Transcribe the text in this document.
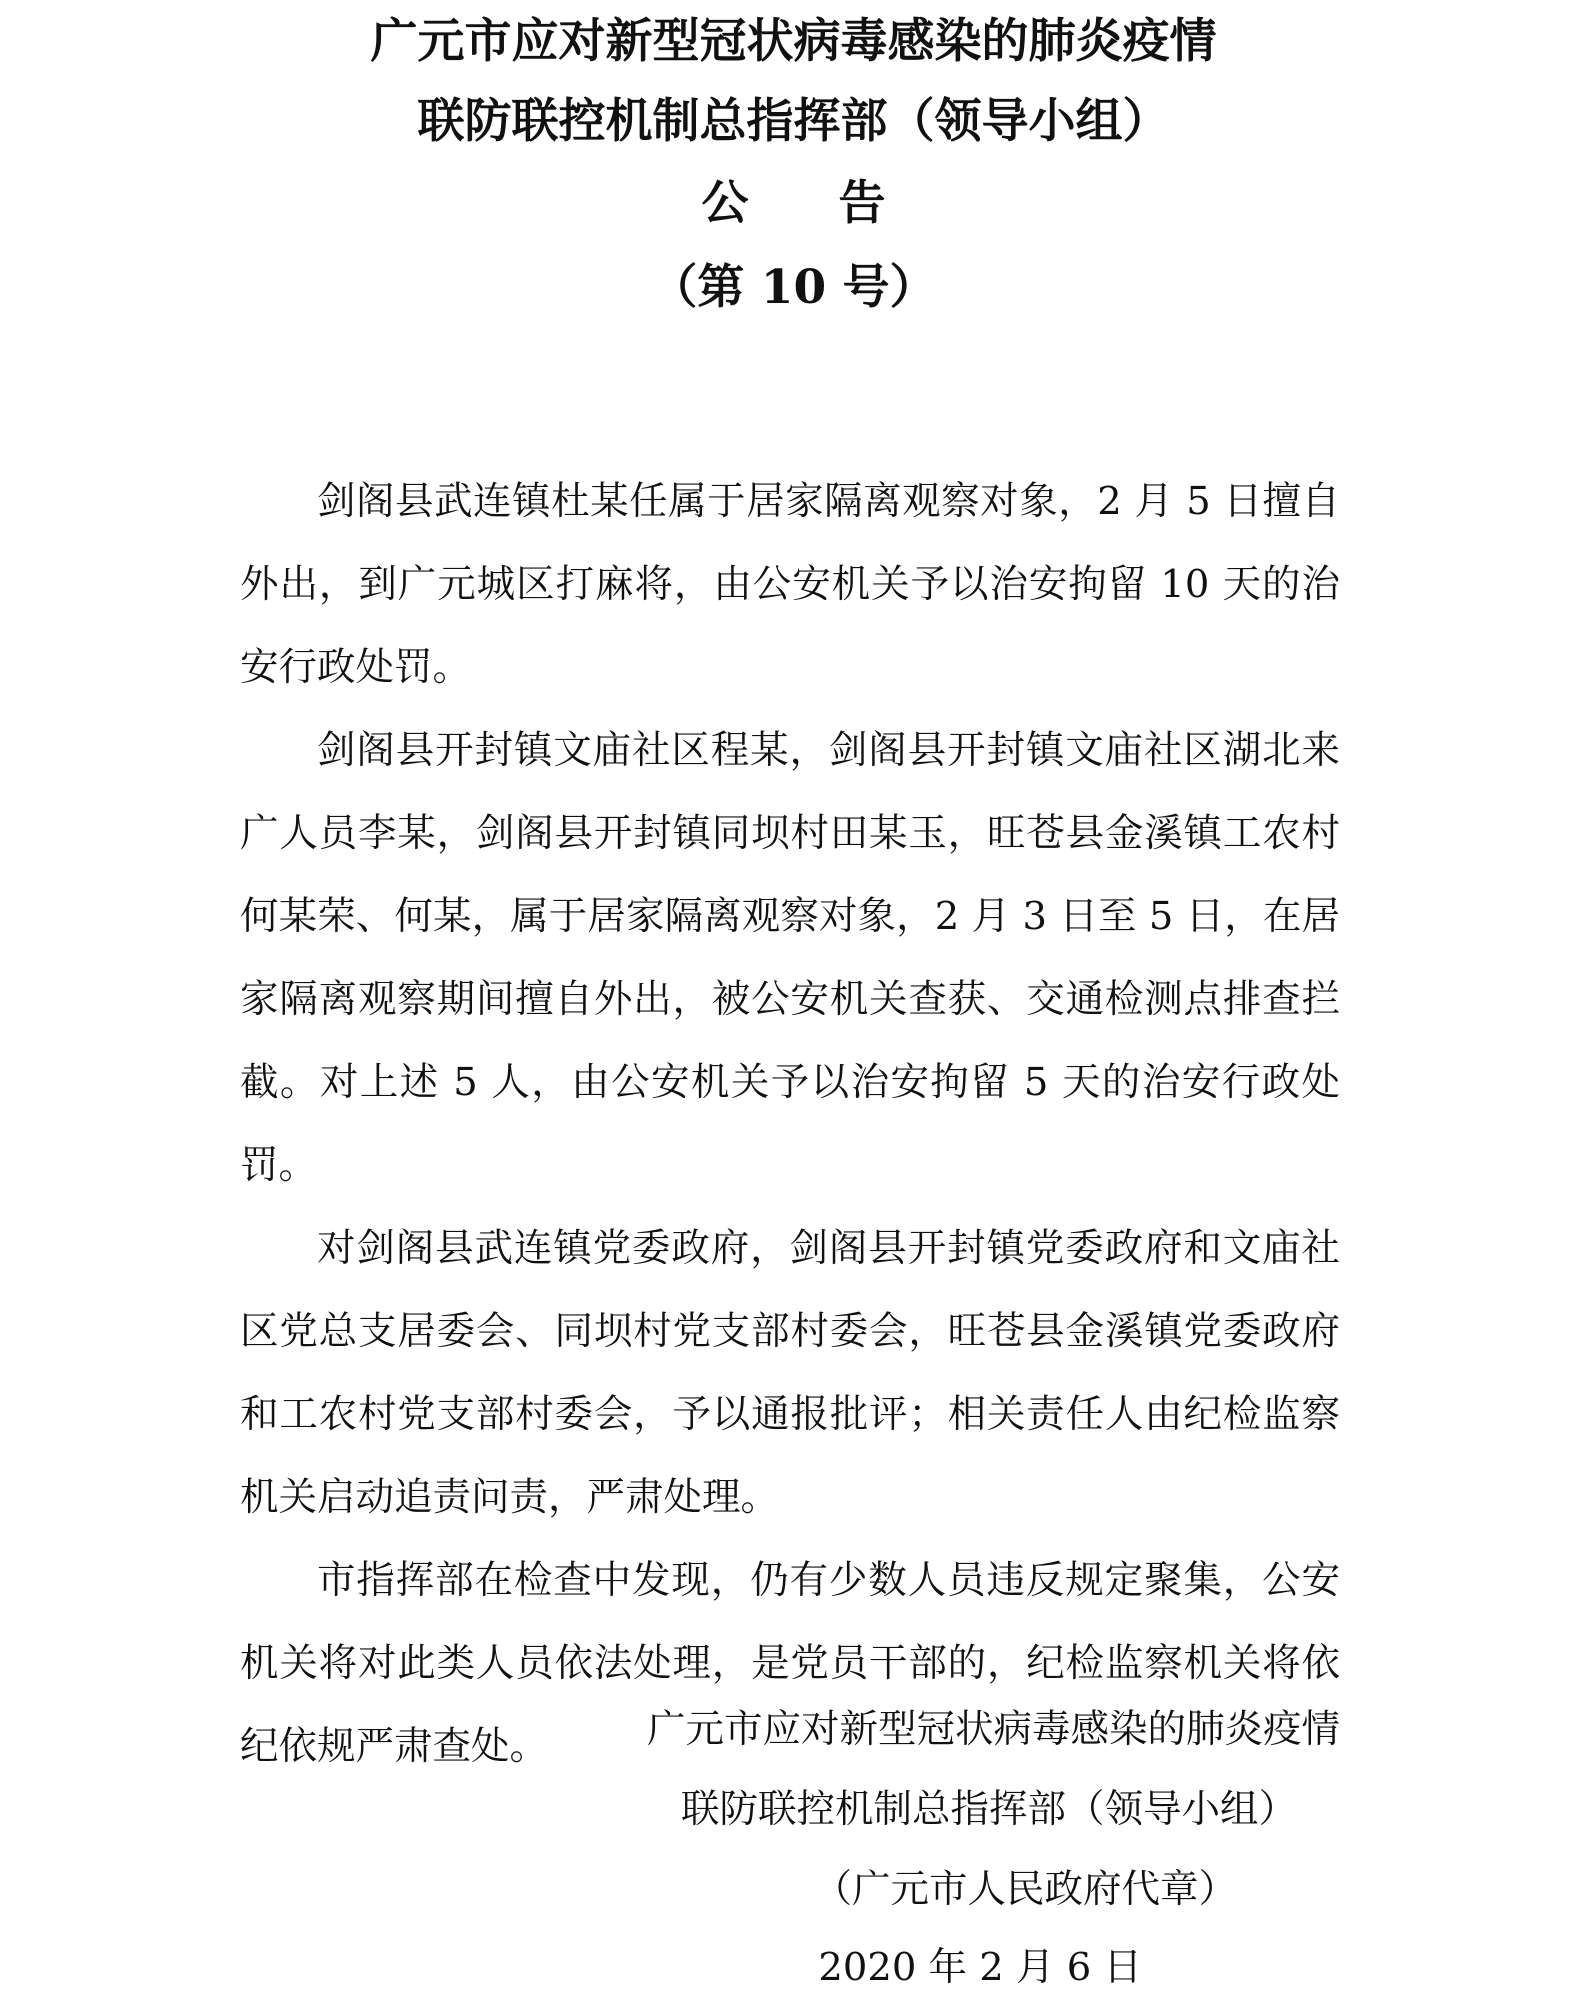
广元市应对新型冠状病毒感染的肺炎疫情
联防联控机制总指挥部（领导小组）
公告
（第 10 号）

剑阁县武连镇杜某任属于居家隔离观察对象，2 月 5 日擅自外出，到广元城区打麻将，由公安机关予以治安拘留 10 天的治安行政处罚。

剑阁县开封镇文庙社区程某，剑阁县开封镇文庙社区湖北来广人员李某，剑阁县开封镇同坝村田某玉，旺苍县金溪镇工农村何某荣、何某，属于居家隔离观察对象，2 月 3 日至 5 日，在居家隔离观察期间擅自外出，被公安机关查获、交通检测点排查拦截。对上述 5 人，由公安机关予以治安拘留 5 天的治安行政处罚。

对剑阁县武连镇党委政府，剑阁县开封镇党委政府和文庙社区党总支居委会、同坝村党支部村委会，旺苍县金溪镇党委政府和工农村党支部村委会，予以通报批评；相关责任人由纪检监察机关启动追责问责，严肃处理。

市指挥部在检查中发现，仍有少数人员违反规定聚集，公安机关将对此类人员依法处理，是党员干部的，纪检监察机关将依纪依规严肃查处。	广元市应对新型冠状病毒感染的肺炎疫情
联防联控机制总指挥部（领导小组）
（广元市人民政府代章）
2020 年 2 月 6 日
